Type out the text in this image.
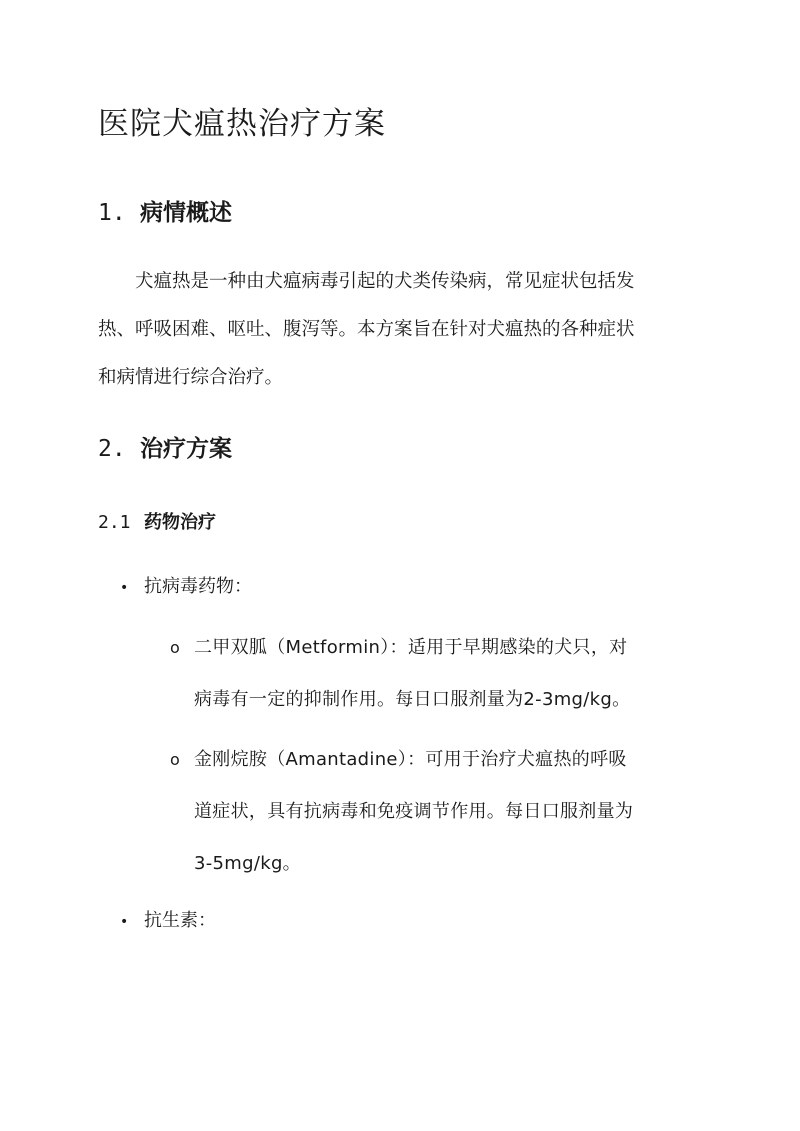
医院犬瘟热治疗方案
1. 病情概述

犬瘟热是一种由犬瘟病毒引起的犬类传染病，常见症状包括发
热、呼吸困难、呕吐、腹泻等。本方案旨在针对犬瘟热的各种症状
和病情进行综合治疗。

2. 治疗方案
2.1 药物治疗

• 抗病毒药物：

o 二甲双胍（Metformin）：适用于早期感染的犬只，对
病毒有一定的抑制作用。每日口服剂量为2-3mg/kg。
o 金刚烷胺（Amantadine）：可用于治疗犬瘟热的呼吸
道症状，具有抗病毒和免疫调节作用。每日口服剂量为
3-5mg/kg。

• 抗生素：
